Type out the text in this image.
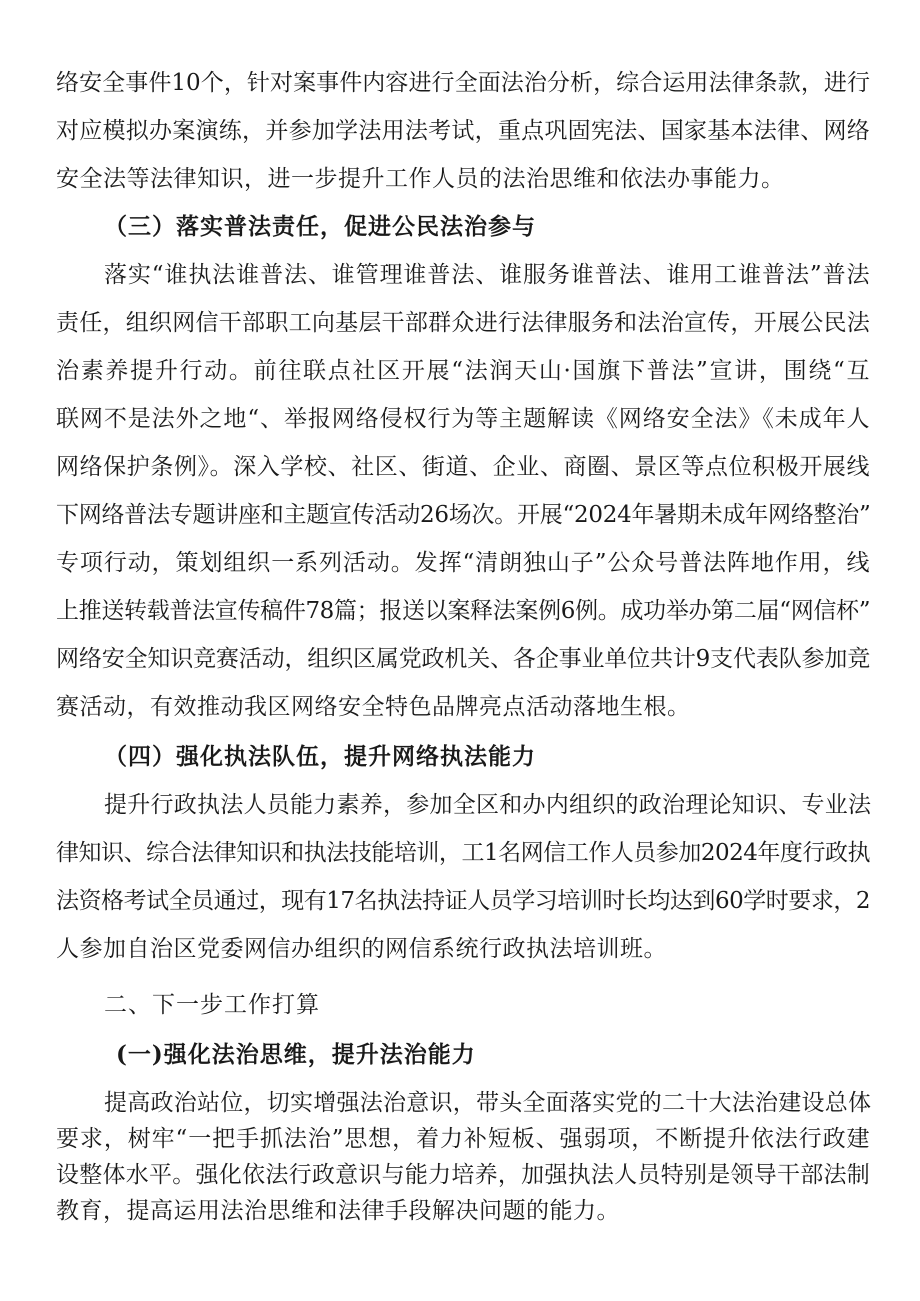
络安全事件10个，针对案事件内容进行全面法治分析，综合运用法律条款，进行
对应模拟办案演练，并参加学法用法考试，重点巩固宪法、国家基本法律、网络
安全法等法律知识，进一步提升工作人员的法治思维和依法办事能力。
（三）落实普法责任，促进公民法治参与
落实“谁执法谁普法、谁管理谁普法、谁服务谁普法、谁用工谁普法”普法
责任，组织网信干部职工向基层干部群众进行法律服务和法治宣传，开展公民法
治素养提升行动。前往联点社区开展“法润天山·国旗下普法”宣讲，围绕“互
联网不是法外之地“、举报网络侵权行为等主题解读《网络安全法》《未成年人
网络保护条例》。深入学校、社区、街道、企业、商圈、景区等点位积极开展线
下网络普法专题讲座和主题宣传活动26场次。开展“2024年暑期未成年网络整治”
专项行动，策划组织一系列活动。发挥“清朗独山子”公众号普法阵地作用，线
上推送转载普法宣传稿件78篇；报送以案释法案例6例。成功举办第二届“网信杯”
网络安全知识竞赛活动，组织区属党政机关、各企事业单位共计9支代表队参加竞
赛活动，有效推动我区网络安全特色品牌亮点活动落地生根。
（四）强化执法队伍，提升网络执法能力
提升行政执法人员能力素养，参加全区和办内组织的政治理论知识、专业法
律知识、综合法律知识和执法技能培训，工1名网信工作人员参加2024年度行政执
法资格考试全员通过，现有17名执法持证人员学习培训时长均达到60学时要求，2
人参加自治区党委网信办组织的网信系统行政执法培训班。
二、下一步工作打算
(一)强化法治思维，提升法治能力
提高政治站位，切实增强法治意识，带头全面落实党的二十大法治建设总体
要求，树牢“一把手抓法治”思想，着力补短板、强弱项，不断提升依法行政建
设整体水平。强化依法行政意识与能力培养，加强执法人员特别是领导干部法制
教育，提高运用法治思维和法律手段解决问题的能力。
